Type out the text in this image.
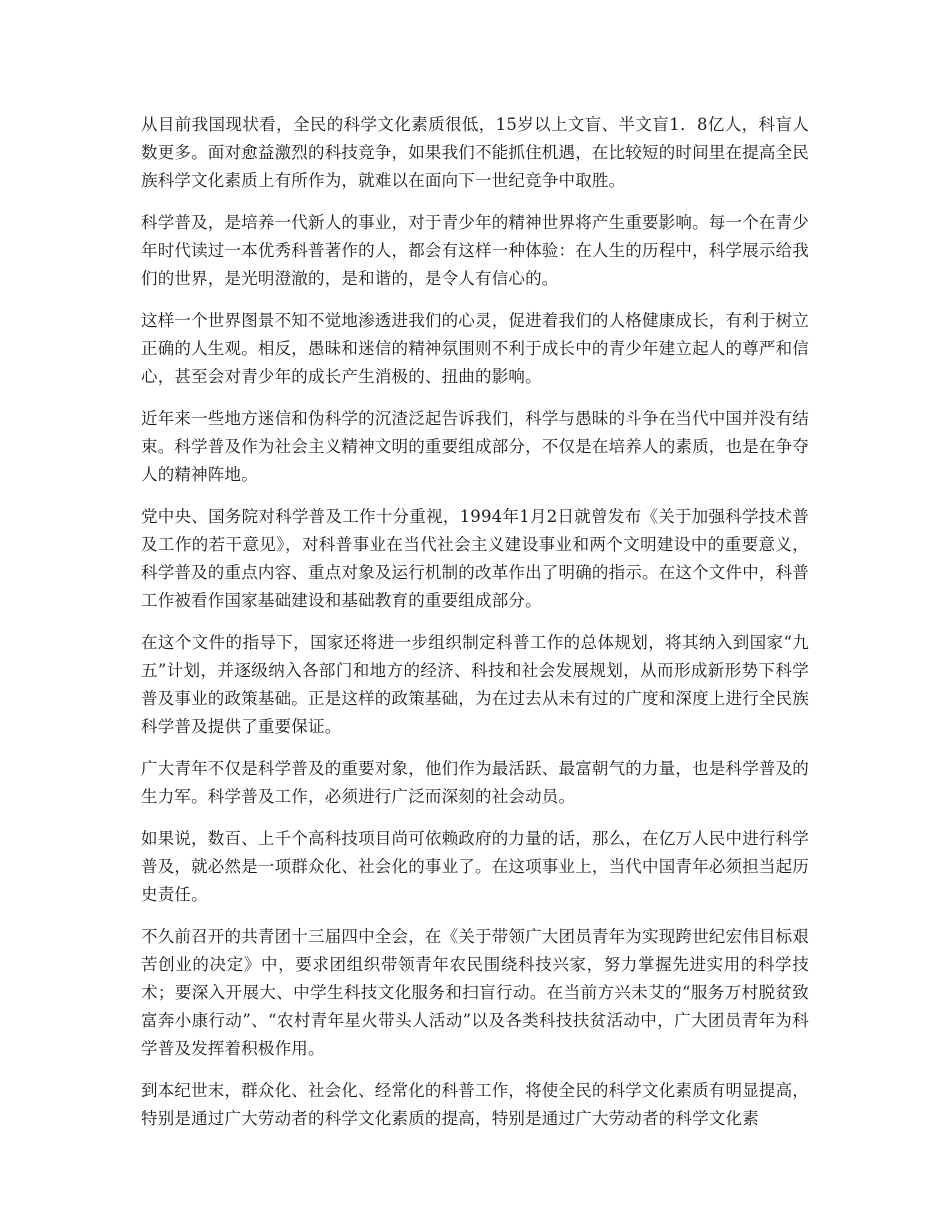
从目前我国现状看，全民的科学文化素质很低，15岁以上文盲、半文盲1．8亿人，科盲人数更多。面对愈益激烈的科技竞争，如果我们不能抓住机遇，在比较短的时间里在提高全民族科学文化素质上有所作为，就难以在面向下一世纪竞争中取胜。

科学普及，是培养一代新人的事业，对于青少年的精神世界将产生重要影响。每一个在青少年时代读过一本优秀科普著作的人，都会有这样一种体验：在人生的历程中，科学展示给我们的世界，是光明澄澈的，是和谐的，是令人有信心的。

这样一个世界图景不知不觉地渗透进我们的心灵，促进着我们的人格健康成长，有利于树立正确的人生观。相反，愚昧和迷信的精神氛围则不利于成长中的青少年建立起人的尊严和信心，甚至会对青少年的成长产生消极的、扭曲的影响。

近年来一些地方迷信和伪科学的沉渣泛起告诉我们，科学与愚昧的斗争在当代中国并没有结束。科学普及作为社会主义精神文明的重要组成部分，不仅是在培养人的素质，也是在争夺人的精神阵地。

党中央、国务院对科学普及工作十分重视，1994年1月2日就曾发布《关于加强科学技术普及工作的若干意见》，对科普事业在当代社会主义建设事业和两个文明建设中的重要意义，科学普及的重点内容、重点对象及运行机制的改革作出了明确的指示。在这个文件中，科普工作被看作国家基础建设和基础教育的重要组成部分。

在这个文件的指导下，国家还将进一步组织制定科普工作的总体规划，将其纳入到国家“九五”计划，并逐级纳入各部门和地方的经济、科技和社会发展规划，从而形成新形势下科学普及事业的政策基础。正是这样的政策基础，为在过去从未有过的广度和深度上进行全民族科学普及提供了重要保证。

广大青年不仅是科学普及的重要对象，他们作为最活跃、最富朝气的力量，也是科学普及的生力军。科学普及工作，必须进行广泛而深刻的社会动员。

如果说，数百、上千个高科技项目尚可依赖政府的力量的话，那么，在亿万人民中进行科学普及，就必然是一项群众化、社会化的事业了。在这项事业上，当代中国青年必须担当起历史责任。

不久前召开的共青团十三届四中全会，在《关于带领广大团员青年为实现跨世纪宏伟目标艰苦创业的决定》中，要求团组织带领青年农民围绕科技兴家，努力掌握先进实用的科学技术；要深入开展大、中学生科技文化服务和扫盲行动。在当前方兴未艾的“服务万村脱贫致富奔小康行动”、“农村青年星火带头人活动”以及各类科技扶贫活动中，广大团员青年为科学普及发挥着积极作用。

到本纪世末，群众化、社会化、经常化的科普工作，将使全民的科学文化素质有明显提高，特别是通过广大劳动者的科学文化素质的提高，特别是通过广大劳动者的科学文化素
